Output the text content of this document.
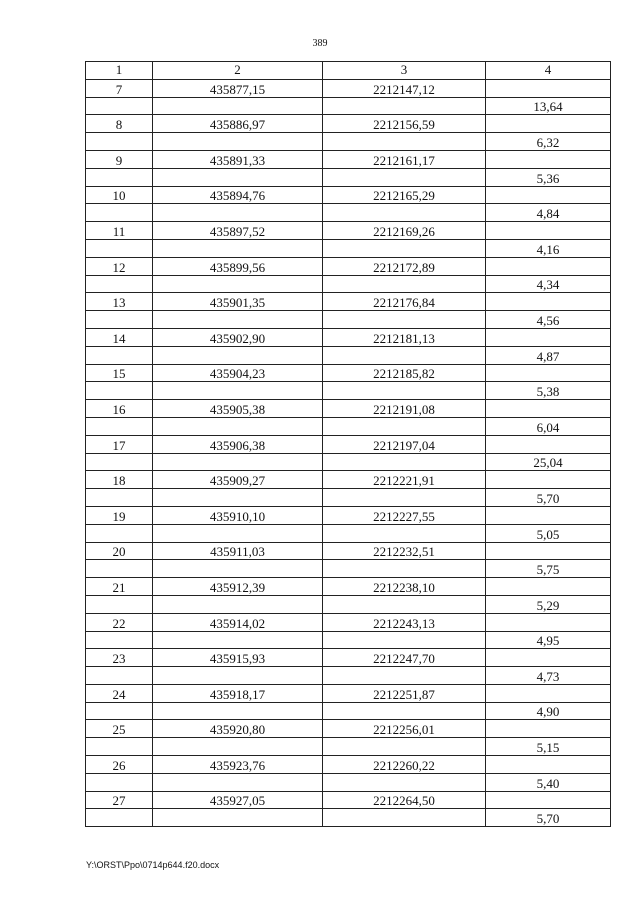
389
1	2	3	4
7	435877,15	2212147,12	
			13,64
8	435886,97	2212156,59	
			6,32
9	435891,33	2212161,17	
			5,36
10	435894,76	2212165,29	
			4,84
11	435897,52	2212169,26	
			4,16
12	435899,56	2212172,89	
			4,34
13	435901,35	2212176,84	
			4,56
14	435902,90	2212181,13	
			4,87
15	435904,23	2212185,82	
			5,38
16	435905,38	2212191,08	
			6,04
17	435906,38	2212197,04	
			25,04
18	435909,27	2212221,91	
			5,70
19	435910,10	2212227,55	
			5,05
20	435911,03	2212232,51	
			5,75
21	435912,39	2212238,10	
			5,29
22	435914,02	2212243,13	
			4,95
23	435915,93	2212247,70	
			4,73
24	435918,17	2212251,87	
			4,90
25	435920,80	2212256,01	
			5,15
26	435923,76	2212260,22	
			5,40
27	435927,05	2212264,50	
			5,70
Y:\ORST\Ppo\0714p644.f20.docx
